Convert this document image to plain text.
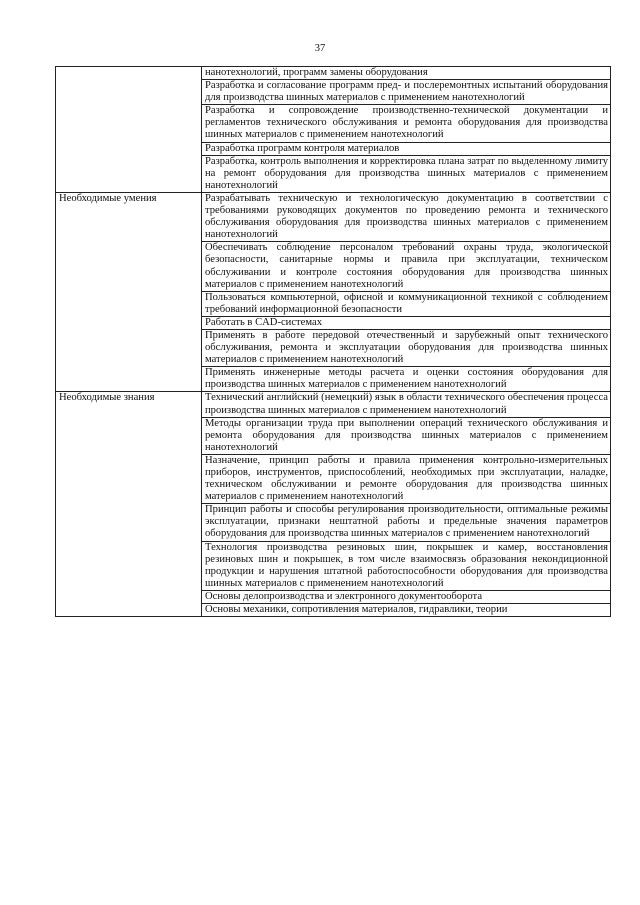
37

	нанотехнологий, программ замены оборудования

	Разработка и согласование программ пред- и послеремонтных испытаний оборудования для производства шинных материалов с применением нанотехнологий

	Разработка и сопровождение производственно-технической документации и регламентов технического обслуживания и ремонта оборудования для производства шинных материалов с применением нанотехнологий

	Разработка программ контроля материалов

	Разработка, контроль выполнения и корректировка плана затрат по выделенному лимиту на ремонт оборудования для производства шинных материалов с применением нанотехнологий

Необходимые умения	Разрабатывать техническую и технологическую документацию в соответствии с требованиями руководящих документов по проведению ремонта и технического обслуживания оборудования для производства шинных материалов с применением нанотехнологий

	Обеспечивать соблюдение персоналом требований охраны труда, экологической безопасности, санитарные нормы и правила при эксплуатации, техническом обслуживании и контроле состояния оборудования для производства шинных материалов с применением нанотехнологий

	Пользоваться компьютерной, офисной и коммуникационной техникой с соблюдением требований информационной безопасности

	Работать в CAD-системах

	Применять в работе передовой отечественный и зарубежный опыт технического обслуживания, ремонта и эксплуатации оборудования для производства шинных материалов с применением нанотехнологий

	Применять инженерные методы расчета и оценки состояния оборудования для производства шинных материалов с применением нанотехнологий

Необходимые знания	Технический английский (немецкий) язык в области технического обеспечения процесса производства шинных материалов с применением нанотехнологий

	Методы организации труда при выполнении операций технического обслуживания и ремонта оборудования для производства шинных материалов с применением нанотехнологий

	Назначение, принцип работы и правила применения контрольно-измерительных приборов, инструментов, приспособлений, необходимых при эксплуатации, наладке, техническом обслуживании и ремонте оборудования для производства шинных материалов с применением нанотехнологий

	Принцип работы и способы регулирования производительности, оптимальные режимы эксплуатации, признаки нештатной работы и предельные значения параметров оборудования для производства шинных материалов с применением нанотехнологий

	Технология производства резиновых шин, покрышек и камер, восстановления резиновых шин и покрышек, в том числе взаимосвязь образования некондиционной продукции и нарушения штатной работоспособности оборудования для производства шинных материалов с применением нанотехнологий

	Основы делопроизводства и электронного документооборота

	Основы механики, сопротивления материалов, гидравлики, теории
